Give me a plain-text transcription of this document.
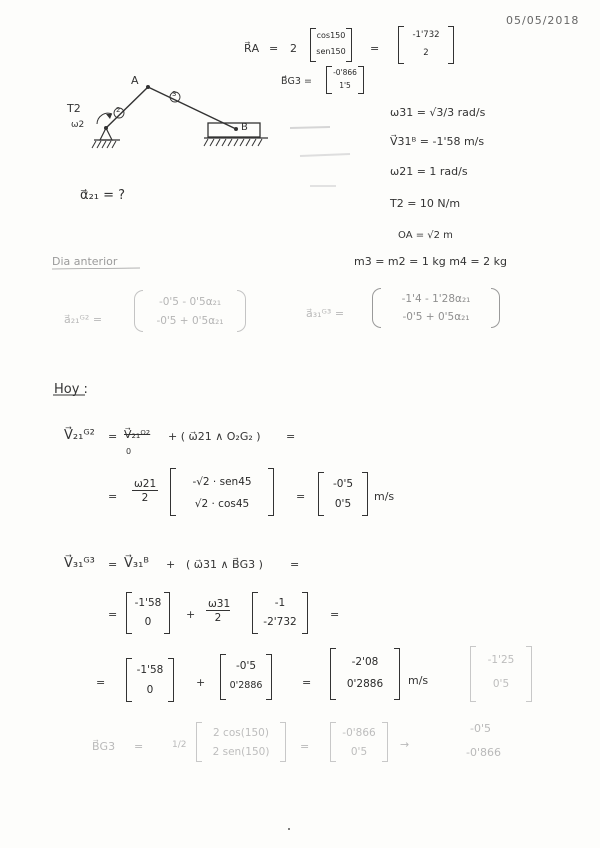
05/05/2018
R⃗A = 2
cos150
sen150	=
-1'732
2
B⃗G3 =
-0'866
1'5
A
B
T2
ω2
2
3
α⃗₂₁ = ?
ω31 = √3/3 rad/s
V⃗31ᴮ = -1'58 m/s
ω21 = 1 rad/s
T2 = 10 N/m
OA = √2 m
Dia anterior	m3 = m2 = 1 kg m4 = 2 kg
a⃗₂₁ᴳ² =
-0'5 - 0'5α₂₁
-0'5 + 0'5α₂₁
a⃗₃₁ᴳ³ =
-1'4 - 1'28α₂₁
-0'5 + 0'5α₂₁
Hoy :
V⃗₂₁ᴳ² = V⃗₂₁ᴼ²
0
+ ( ω⃗21 ∧ O₂G₂ ) =
= $\frac{\omega 21}{2}$	-√2 · sen45
√2 · cos45
=
-0'5
0'5
m/s
V⃗₃₁ᴳ³ = V⃗₃₁ᴮ + ( ω⃗31 ∧ B⃗G3 ) =
=
-1'58
0
+ $\frac{\omega 31}{2}$	-1
-2'732
=
=
-1'58
0
+
-0'5
0'2886	=
-2'08
0'2886	m/s
-1'25
0'5
B⃗G3 =	1/2
2 cos(150)
2 sen(150)	=
-0'866
0'5
→
-0'5
-0'866
